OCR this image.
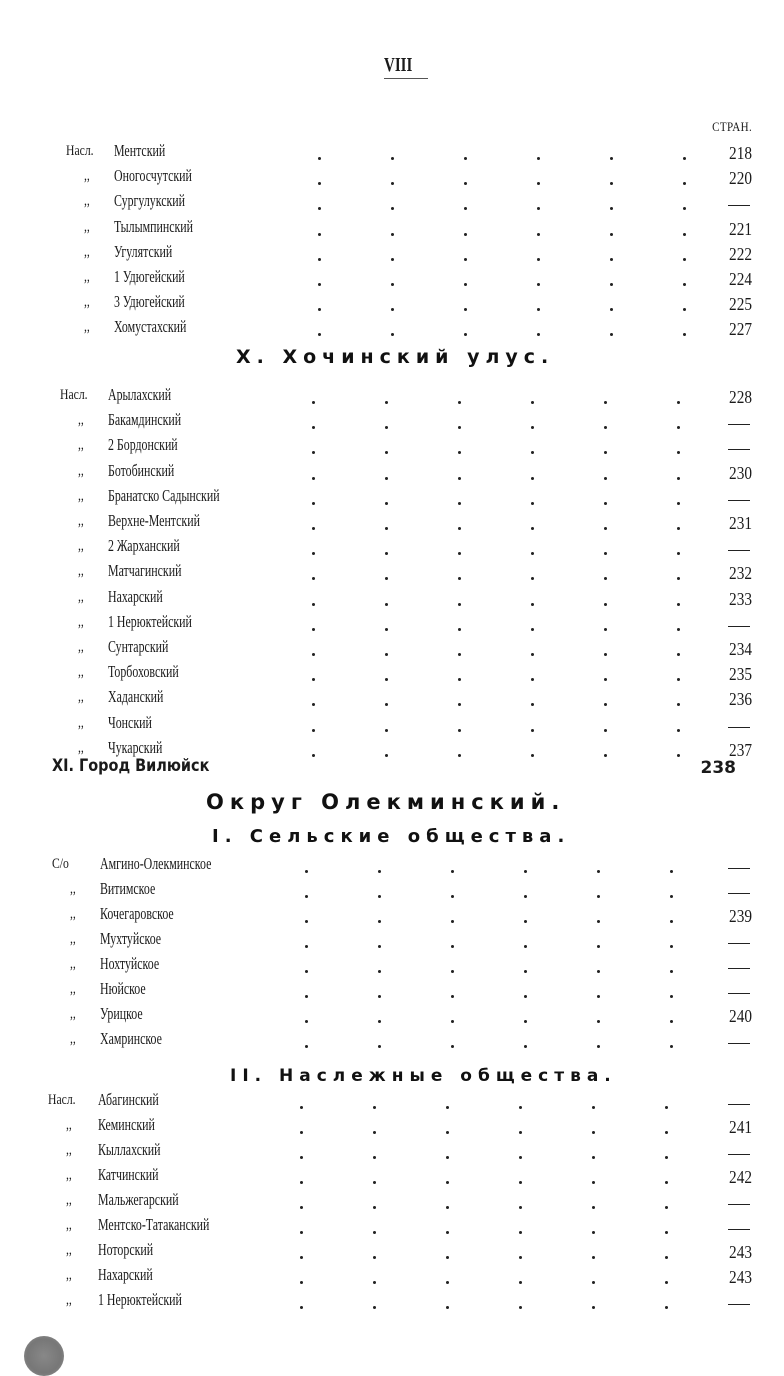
VIII
СТРАН.
Насл. Ментский	218
,, Оногосчутский	220
,, Сургулукский
,, Тылымпинский	221
,, Угулятский	222
,, 1 Удюгейский	224
,, 3 Удюгейский	225
,, Хомустахский	227
X. Хочинский улус.
Насл. Арылахский	228
,, Бакамдинский
,, 2 Бордонский
,, Ботобинский	230
,, Бранатско Садынский
,, Верхне-Ментский	231
,, 2 Жарханский
,, Матчагинский	232
,, Нахарский	233
,, 1 Нерюктейский
,, Сунтарский	234
,, Торбоховский	235
,, Хаданский	236
,, Чонский
,, Чукарский	237
XI. Город Вилюйск	238
Округ Олекминский.
I. Сельские общества.
С/о Амгино-Олекминское
,, Витимское
,, Кочегаровское	239
,, Мухтуйское
,, Нохтуйское
,, Нюйское
,, Урицкое	240
,, Хамринское
II. Наслежные общества.
Насл. Абагинский
,, Кеминский	241
,, Кыллахский
,, Катчинский	242
,, Мальжегарский
,, Ментско-Татаканский
,, Ноторский	243
,, Нахарский	243
,, 1 Нерюктейский
